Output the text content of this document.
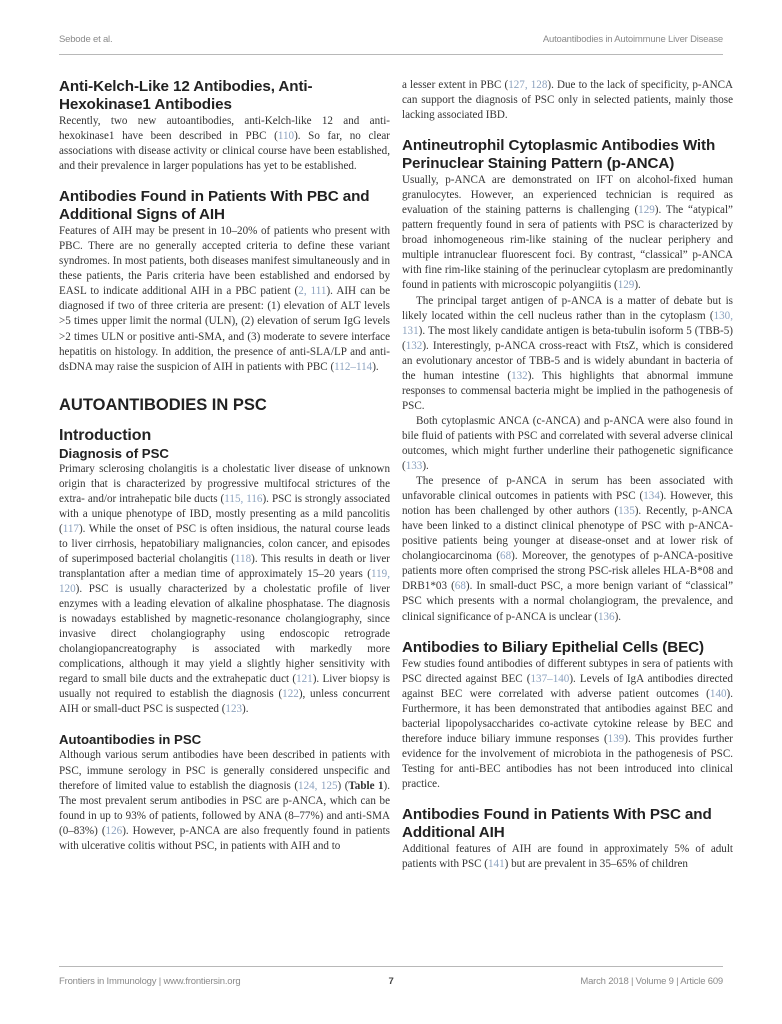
Sebode et al.	Autoantibodies in Autoimmune Liver Disease
Anti-Kelch-Like 12 Antibodies, Anti-Hexokinase1 Antibodies

Recently, two new autoantibodies, anti-Kelch-like 12 and anti-hexokinase1 have been described in PBC (110). So far, no clear associations with disease activity or clinical course have been established, and their prevalence in larger populations has yet to be established.

Antibodies Found in Patients With PBC and Additional Signs of AIH

Features of AIH may be present in 10–20% of patients who present with PBC. There are no generally accepted criteria to define these variant syndromes. In most patients, both diseases manifest simultaneously and in these patients, the Paris criteria have been established and endorsed by EASL to indicate additional AIH in a PBC patient (2, 111). AIH can be diagnosed if two of three criteria are present: (1) elevation of ALT levels >5 times upper limit the normal (ULN), (2) elevation of serum IgG levels >2 times ULN or positive anti-SMA, and (3) moderate to severe interface hepatitis on histology. In addition, the presence of anti-SLA/LP and anti-dsDNA may raise the suspicion of AIH in patients with PBC (112–114).

AUTOANTIBODIES IN PSC
Introduction
Diagnosis of PSC

Primary sclerosing cholangitis is a cholestatic liver disease of unknown origin that is characterized by progressive multifocal strictures of the extra- and/or intrahepatic bile ducts (115, 116). PSC is strongly associated with a unique phenotype of IBD, mostly presenting as a mild pancolitis (117). While the onset of PSC is often insidious, the natural course leads to liver cirrhosis, hepatobiliary malignancies, colon cancer, and episodes of superimposed bacterial cholangitis (118). This results in death or liver transplantation after a median time of approximately 15–20 years (119, 120). PSC is usually characterized by a cholestatic profile of liver enzymes with a leading elevation of alkaline phosphatase. The diagnosis is nowadays established by magnetic-resonance cholangiography, since invasive direct cholangiography using endoscopic retrograde cholangiopancreatography is associated with markedly more complications, although it may yield a slightly higher sensitivity with regard to small bile ducts and the extrahepatic duct (121). Liver biopsy is usually not required to establish the diagnosis (122), unless concurrent AIH or small-duct PSC is suspected (123).

Autoantibodies in PSC

Although various serum antibodies have been described in patients with PSC, immune serology in PSC is generally considered unspecific and therefore of limited value to establish the diagnosis (124, 125) (Table 1). The most prevalent serum antibodies in PSC are p-ANCA, which can be found in up to 93% of patients, followed by ANA (8–77%) and anti-SMA (0–83%) (126). However, p-ANCA are also frequently found in patients with ulcerative colitis without PSC, in patients with AIH and to

a lesser extent in PBC (127, 128). Due to the lack of specificity, p-ANCA can support the diagnosis of PSC only in selected patients, mainly those lacking associated IBD.

Antineutrophil Cytoplasmic Antibodies With Perinuclear Staining Pattern (p-ANCA)

Usually, p-ANCA are demonstrated on IFT on alcohol-fixed human granulocytes. However, an experienced technician is required as evaluation of the staining patterns is challenging (129). The “atypical” pattern frequently found in sera of patients with PSC is characterized by broad inhomogeneous rim-like staining of the nuclear periphery and multiple intranuclear fluorescent foci. By contrast, “classical” p-ANCA with fine rim-like staining of the perinuclear cytoplasm are predominantly found in patients with microscopic polyangiitis (129).

The principal target antigen of p-ANCA is a matter of debate but is likely located within the cell nucleus rather than in the cytoplasm (130, 131). The most likely candidate antigen is beta-tubulin isoform 5 (TBB-5) (132). Interestingly, p-ANCA cross-react with FtsZ, which is considered an evolutionary ancestor of TBB-5 and is widely abundant in bacteria of the human intestine (132). This highlights that abnormal immune responses to commensal bacteria might be implied in the pathogenesis of PSC.

Both cytoplasmic ANCA (c-ANCA) and p-ANCA were also found in bile fluid of patients with PSC and correlated with several adverse clinical outcomes, which might further underline their pathogenetic significance (133).

The presence of p-ANCA in serum has been associated with unfavorable clinical outcomes in patients with PSC (134). However, this notion has been challenged by other authors (135). Recently, p-ANCA have been linked to a distinct clinical phenotype of PSC with p-ANCA-positive patients being younger at disease-onset and at lower risk of cholangiocarcinoma (68). Moreover, the genotypes of p-ANCA-positive patients more often comprised the strong PSC-risk alleles HLA-B*08 and DRB1*03 (68). In small-duct PSC, a more benign variant of “classical” PSC which presents with a normal cholangiogram, the prevalence, and clinical significance of p-ANCA is unclear (136).

Antibodies to Biliary Epithelial Cells (BEC)

Few studies found antibodies of different subtypes in sera of patients with PSC directed against BEC (137–140). Levels of IgA antibodies directed against BEC were correlated with adverse patient outcomes (140). Furthermore, it has been demonstrated that antibodies against BEC and bacterial lipopolysaccharides co-activate cytokine release by BEC and therefore induce biliary immune responses (139). This provides further evidence for the involvement of microbiota in the pathogenesis of PSC. Testing for anti-BEC antibodies has not been introduced into clinical practice.

Antibodies Found in Patients With PSC and Additional AIH

Additional features of AIH are found in approximately 5% of adult patients with PSC (141) but are prevalent in 35–65% of children

Frontiers in Immunology | www.frontiersin.org	7	March 2018 | Volume 9 | Article 609
